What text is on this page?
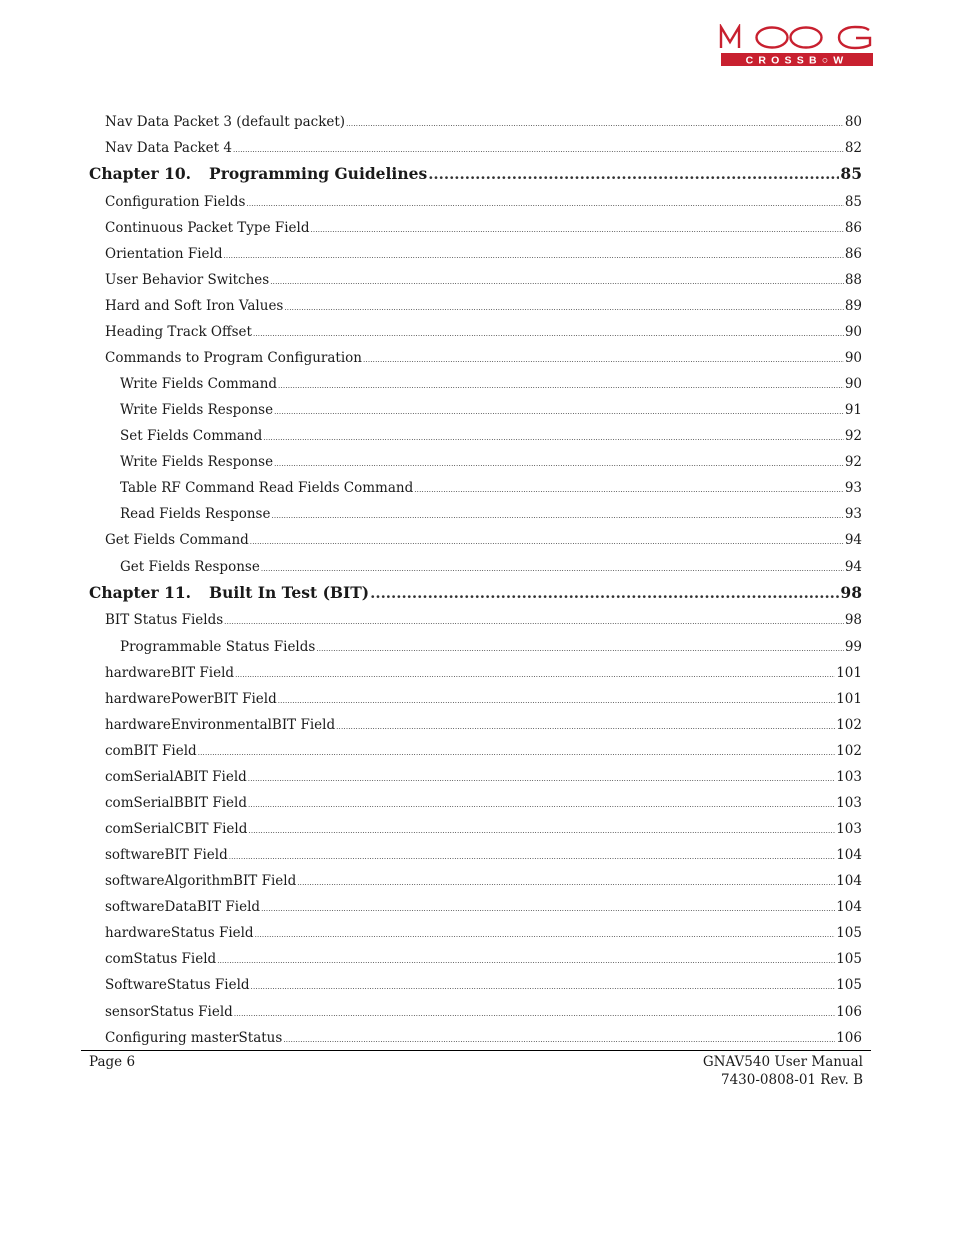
CROSSB○W
Nav Data Packet 3 (default packet) .....	80
Nav Data Packet 4 .....	82
Chapter 10. Programming Guidelines .....	85
Configuration Fields .....	85
Continuous Packet Type Field .....	86
Orientation Field .....	86
User Behavior Switches .....	88
Hard and Soft Iron Values .....	89
Heading Track Offset .....	90
Commands to Program Configuration .....	90
Write Fields Command .....	90
Write Fields Response .....	91
Set Fields Command .....	92
Write Fields Response .....	92
Table RF Command Read Fields Command .....	93
Read Fields Response .....	93
Get Fields Command .....	94
Get Fields Response .....	94
Chapter 11. Built In Test (BIT) .....	98
BIT Status Fields .....	98
Programmable Status Fields .....	99
hardwareBIT Field .....	101
hardwarePowerBIT Field .....	101
hardwareEnvironmentalBIT Field .....	102
comBIT Field .....	102
comSerialABIT Field .....	103
comSerialBBIT Field .....	103
comSerialCBIT Field .....	103
softwareBIT Field .....	104
softwareAlgorithmBIT Field .....	104
softwareDataBIT Field .....	104
hardwareStatus Field .....	105
comStatus Field .....	105
SoftwareStatus Field .....	105
sensorStatus Field .....	106
Configuring masterStatus .....	106
Page 6	GNAV540 User Manual
7430-0808-01 Rev. B
